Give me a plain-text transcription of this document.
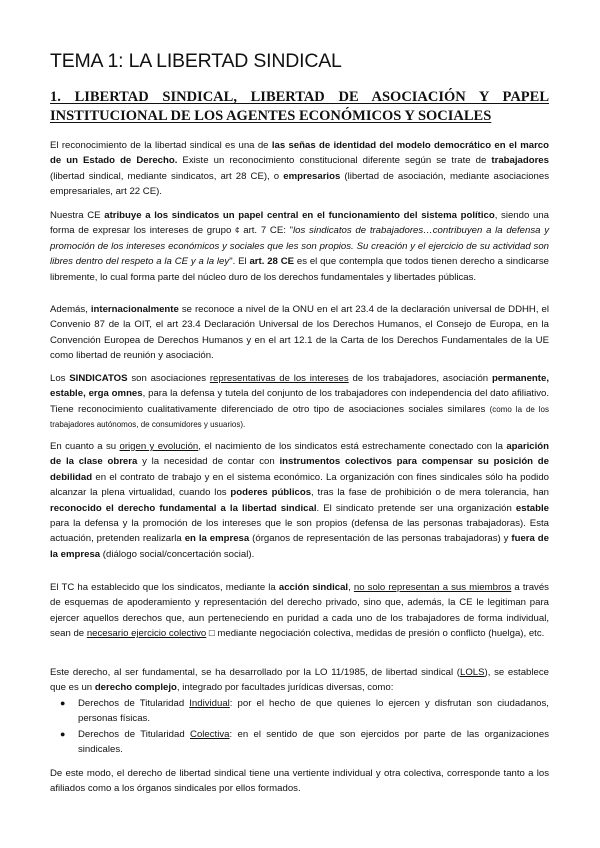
TEMA 1: LA LIBERTAD SINDICAL
1. LIBERTAD SINDICAL, LIBERTAD DE ASOCIACIÓN Y PAPEL INSTITUCIONAL DE LOS AGENTES ECONÓMICOS Y SOCIALES

El reconocimiento de la libertad sindical es una de las señas de identidad del modelo democrático en el marco de un Estado de Derecho. Existe un reconocimiento constitucional diferente según se trate de trabajadores (libertad sindical, mediante sindicatos, art 28 CE), o empresarios (libertad de asociación, mediante asociaciones empresariales, art 22 CE).

Nuestra CE atribuye a los sindicatos un papel central en el funcionamiento del sistema político, siendo una forma de expresar los intereses de grupo ¢ art. 7 CE: "los sindicatos de trabajadores…contribuyen a la defensa y promoción de los intereses económicos y sociales que les son propios. Su creación y el ejercicio de su actividad son libres dentro del respeto a la CE y a la ley". El art. 28 CE es el que contempla que todos tienen derecho a sindicarse libremente, lo cual forma parte del núcleo duro de los derechos fundamentales y libertades públicas.

Además, internacionalmente se reconoce a nivel de la ONU en el art 23.4 de la declaración universal de DDHH, el Convenio 87 de la OIT, el art 23.4 Declaración Universal de los Derechos Humanos, el Consejo de Europa, en la Convención Europea de Derechos Humanos y en el art 12.1 de la Carta de los Derechos Fundamentales de la UE como libertad de reunión y asociación.

Los SINDICATOS son asociaciones representativas de los intereses de los trabajadores, asociación permanente, estable, erga omnes, para la defensa y tutela del conjunto de los trabajadores con independencia del dato afiliativo. Tiene reconocimiento cualitativamente diferenciado de otro tipo de asociaciones sociales similares (como la de los trabajadores autónomos, de consumidores y usuarios).

En cuanto a su origen y evolución, el nacimiento de los sindicatos está estrechamente conectado con la aparición de la clase obrera y la necesidad de contar con instrumentos colectivos para compensar su posición de debilidad en el contrato de trabajo y en el sistema económico. La organización con fines sindicales sólo ha podido alcanzar la plena virtualidad, cuando los poderes públicos, tras la fase de prohibición o de mera tolerancia, han reconocido el derecho fundamental a la libertad sindical. El sindicato pretende ser una organización estable para la defensa y la promoción de los intereses que le son propios (defensa de las personas trabajadoras). Esta actuación, pretenden realizarla en la empresa (órganos de representación de las personas trabajadoras) y fuera de la empresa (diálogo social/concertación social).

El TC ha establecido que los sindicatos, mediante la acción sindical, no solo representan a sus miembros a través de esquemas de apoderamiento y representación del derecho privado, sino que, además, la CE le legitiman para ejercer aquellos derechos que, aun perteneciendo en puridad a cada uno de los trabajadores de forma individual, sean de necesario ejercicio colectivo □ mediante negociación colectiva, medidas de presión o conflicto (huelga), etc.

Este derecho, al ser fundamental, se ha desarrollado por la LO 11/1985, de libertad sindical (LOLS), se establece que es un derecho complejo, integrado por facultades jurídicas diversas, como:

● Derechos de Titularidad Individual: por el hecho de que quienes lo ejercen y disfrutan son ciudadanos, personas físicas.
● Derechos de Titularidad Colectiva: en el sentido de que son ejercidos por parte de las organizaciones sindicales.

De este modo, el derecho de libertad sindical tiene una vertiente individual y otra colectiva, corresponde tanto a los afiliados como a los órganos sindicales por ellos formados.
